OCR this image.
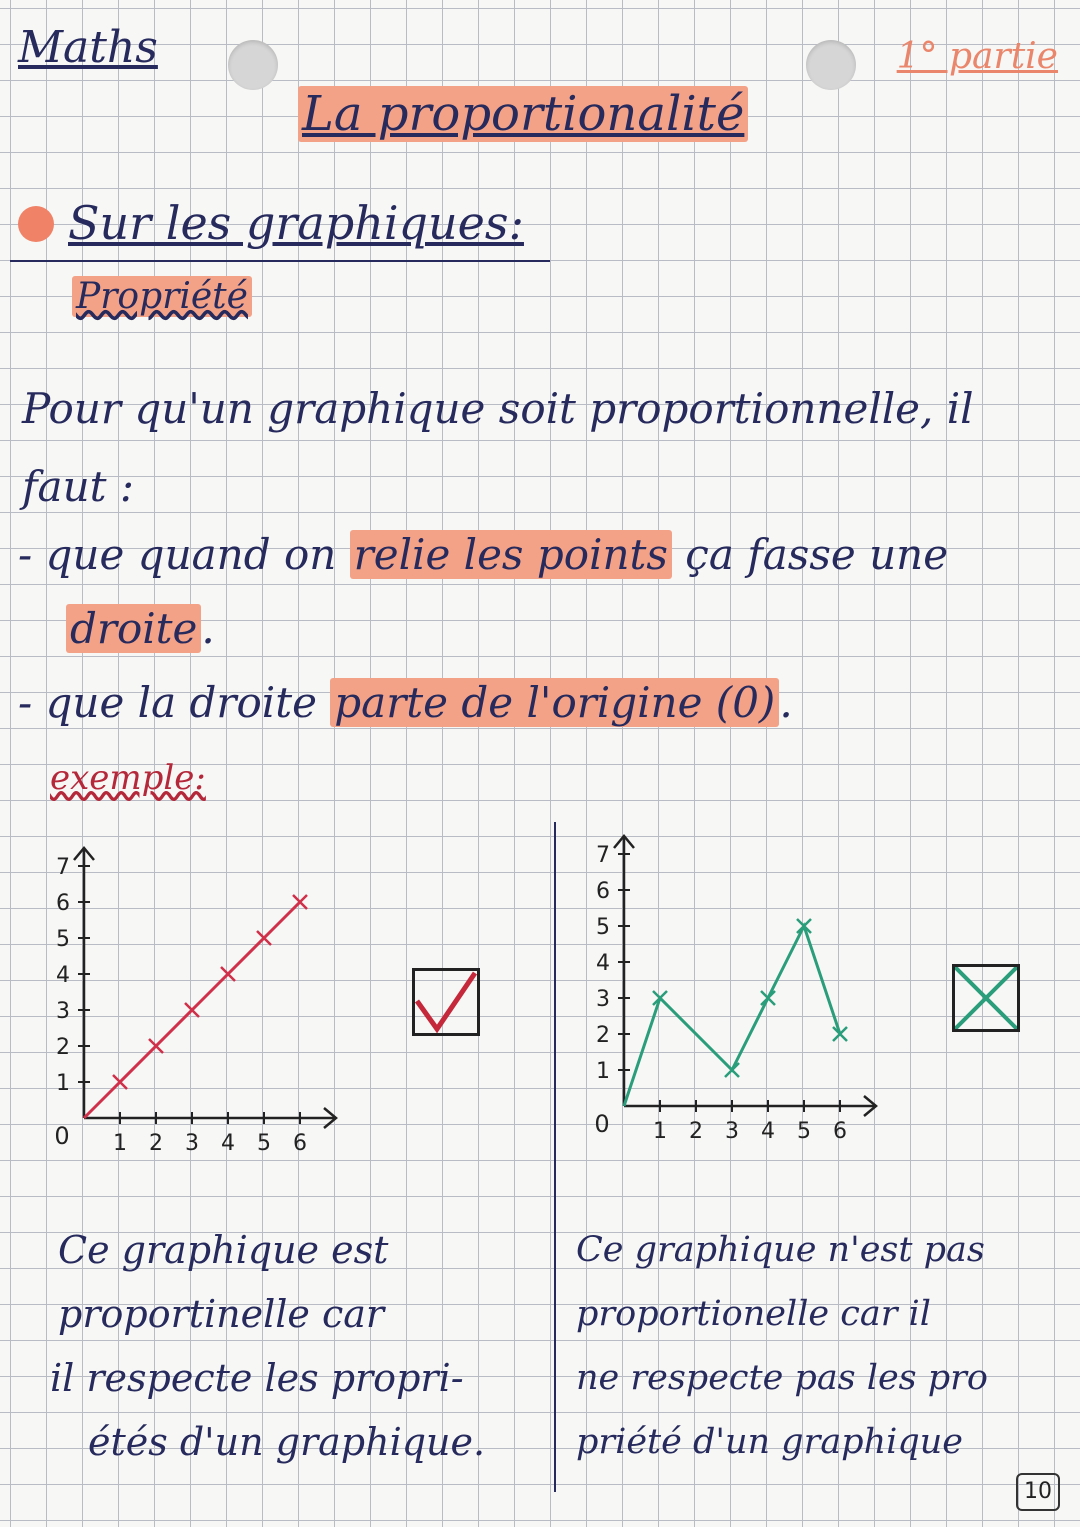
Maths	1° partie
La proportionalité
Sur les graphiques:
Propriété
Pour qu'un graphique soit proportionnelle, il
faut :
- que quand on relie les points ça fasse une
droite.
- que la droite parte de l'origine (0).
exemple:
1 2 3 4 5 6
1
2
3
4
5
6
7
0	1 2 3 4 5 6
1
2
3
4
5
6
7
0
Ce graphique est
proportinelle car
il respecte les propri-
étés d'un graphique.
Ce graphique n'est pas
proportionelle car il
ne respecte pas les pro
priété d'un graphique
10
